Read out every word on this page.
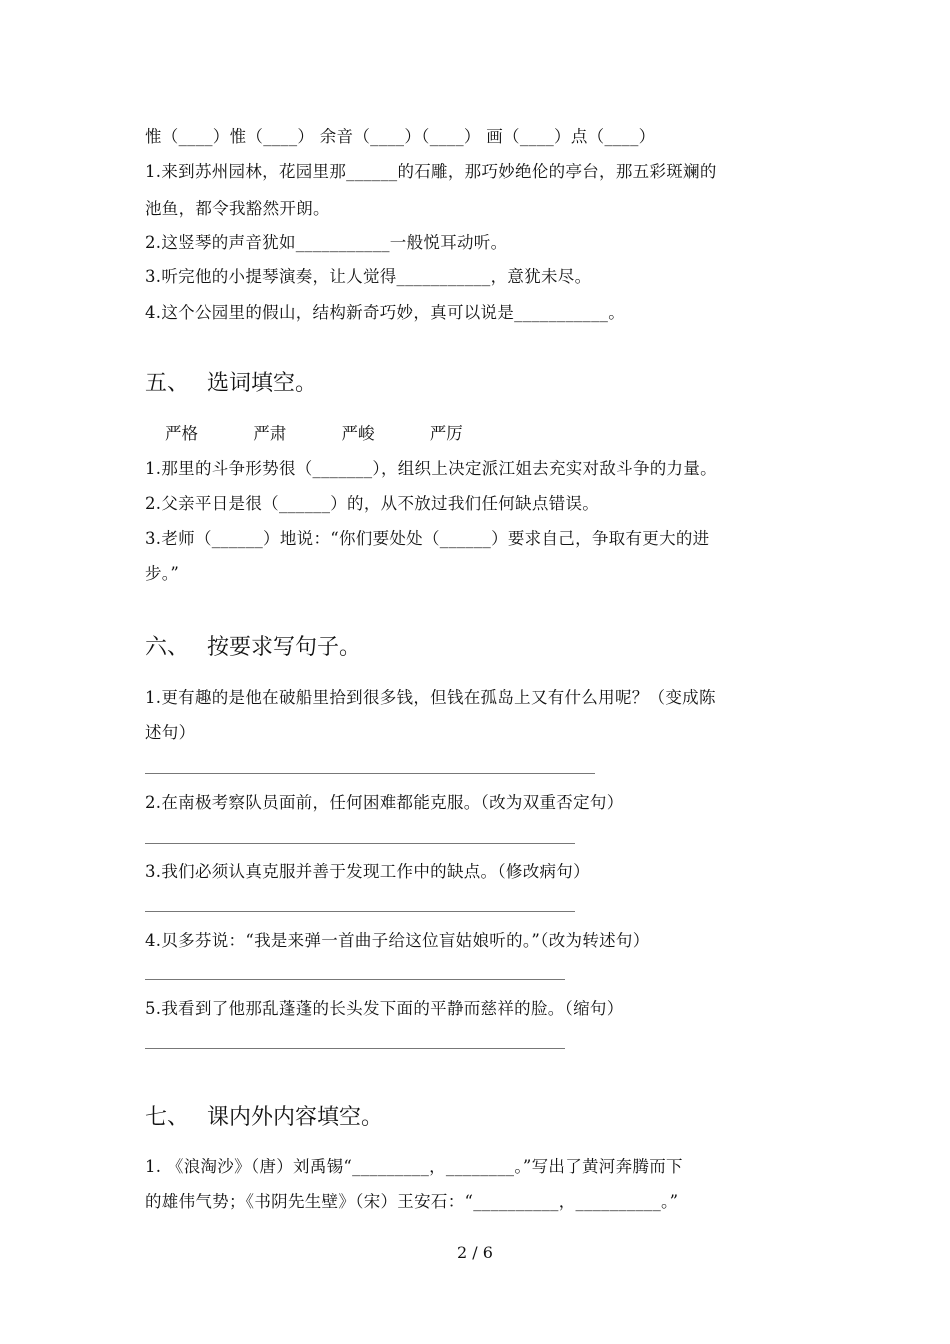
惟（____）惟（____） 余音（____）（____） 画（____）点（____）
1.来到苏州园林，花园里那______的石雕，那巧妙绝伦的亭台，那五彩斑斓的
池鱼，都令我豁然开朗。
2.这竖琴的声音犹如___________一般悦耳动听。
3.听完他的小提琴演奏，让人觉得___________，意犹未尽。
4.这个公园里的假山，结构新奇巧妙，真可以说是___________。
五、 选词填空。
严格	严肃	严峻	严厉
1.那里的斗争形势很（_______），组织上决定派江姐去充实对敌斗争的力量。
2.父亲平日是很（______）的，从不放过我们任何缺点错误。
3.老师（______）地说：“你们要处处（______）要求自己，争取有更大的进
步。”
六、 按要求写句子。
1.更有趣的是他在破船里拾到很多钱，但钱在孤岛上又有什么用呢？（变成陈
述句）
2.在南极考察队员面前，任何困难都能克服。（改为双重否定句）
3.我们必须认真克服并善于发现工作中的缺点。（修改病句）
4.贝多芬说：“我是来弹一首曲子给这位盲姑娘听的。”（改为转述句）
5.我看到了他那乱蓬蓬的长头发下面的平静而慈祥的脸。（缩句）
七、 课内外内容填空。
1. 《浪淘沙》（唐）刘禹锡“_________，________。”写出了黄河奔腾而下
的雄伟气势；《书阴先生壁》（宋）王安石：“__________，__________。”
2 / 6
